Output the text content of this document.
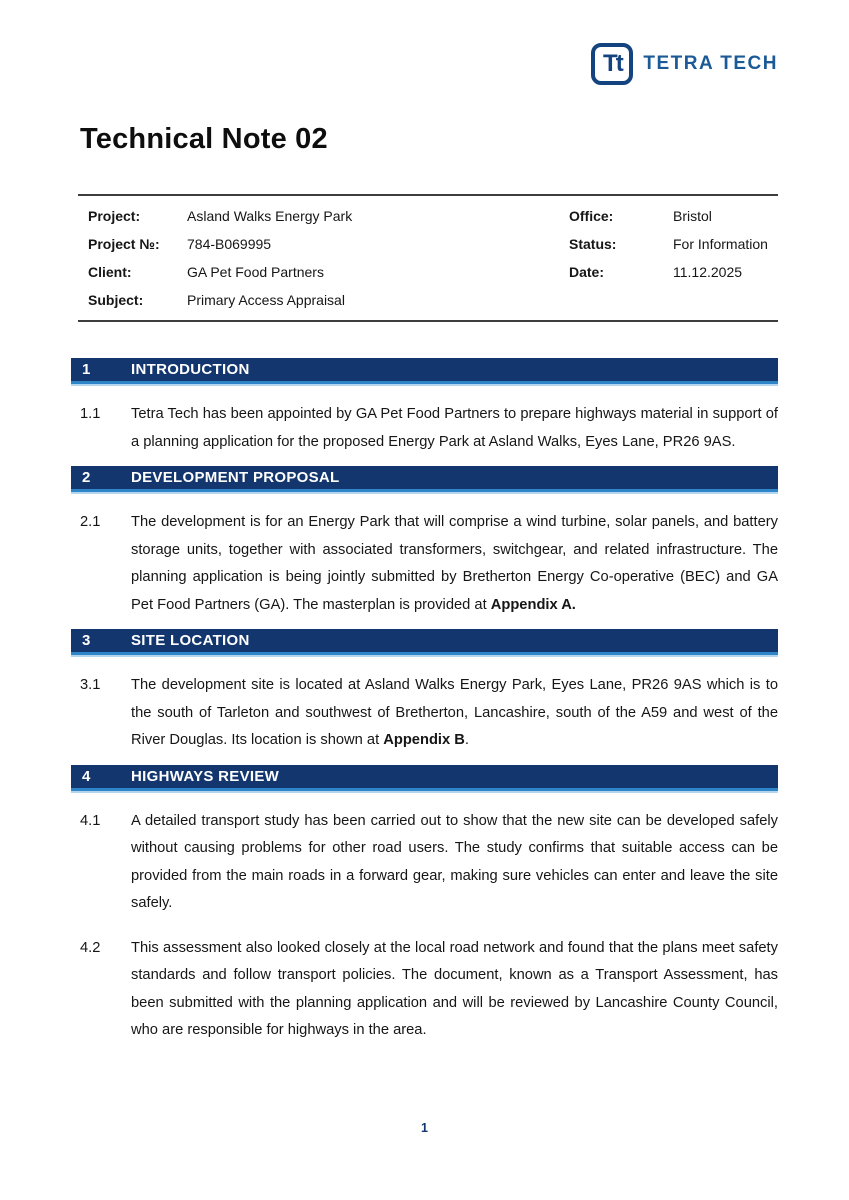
Tt TETRA TECH
Technical Note 02
Project:	Asland Walks Energy Park
Project №:	784-B069995
Client:	GA Pet Food Partners
Subject:	Primary Access Appraisal
Office:	Bristol
Status:	For Information
Date:	11.12.2025
1	INTRODUCTION
1.1	Tetra Tech has been appointed by GA Pet Food Partners to prepare highways material in support of a planning application for the proposed Energy Park at Asland Walks, Eyes Lane, PR26 9AS.
2	DEVELOPMENT PROPOSAL
2.1	The development is for an Energy Park that will comprise a wind turbine, solar panels, and battery storage units, together with associated transformers, switchgear, and related infrastructure. The planning application is being jointly submitted by Bretherton Energy Co-operative (BEC) and GA Pet Food Partners (GA). The masterplan is provided at Appendix A.
3	SITE LOCATION
3.1	The development site is located at Asland Walks Energy Park, Eyes Lane, PR26 9AS which is to the south of Tarleton and southwest of Bretherton, Lancashire, south of the A59 and west of the River Douglas. Its location is shown at Appendix B.
4	HIGHWAYS REVIEW
4.1	A detailed transport study has been carried out to show that the new site can be developed safely without causing problems for other road users. The study confirms that suitable access can be provided from the main roads in a forward gear, making sure vehicles can enter and leave the site safely.
4.2	This assessment also looked closely at the local road network and found that the plans meet safety standards and follow transport policies. The document, known as a Transport Assessment, has been submitted with the planning application and will be reviewed by Lancashire County Council, who are responsible for highways in the area.
1
